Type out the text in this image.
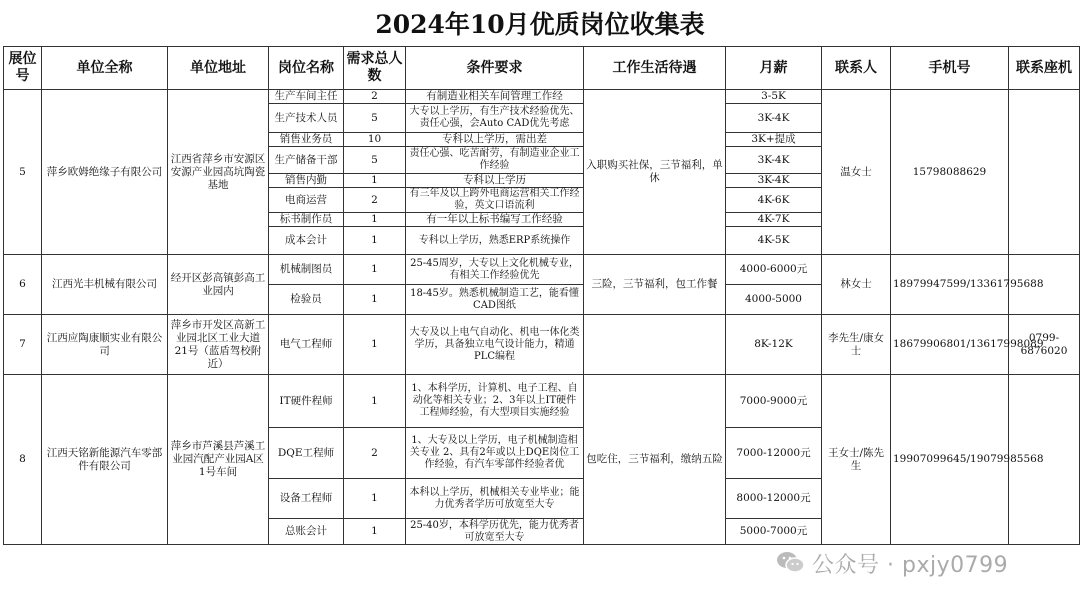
2024年10月优质岗位收集表
展位号	单位全称	单位地址	岗位名称	需求总人数	条件要求	工作生活待遇	月薪	联系人	手机号	联系座机
5	萍乡欧姆绝缘子有限公司	江西省萍乡市安源区安源产业园高坑陶瓷基地	生产车间主任	2	有制造业相关车间管理工作经	入职购买社保，三节福利，单休	3-5K	温女士	15798088629	
			生产技术人员	5	大专以上学历，有生产技术经验优先、责任心强，会Auto CAD优先考虑		3K-4K			
			销售业务员	10	专科以上学历，需出差		3K+提成			
			生产储备干部	5	责任心强、吃苦耐劳，有制造业企业工作经验		3K-4K			
			销售内勤	1	专科以上学历		3K-4K			
			电商运营	2	有三年及以上跨外电商运营相关工作经验，英文口语流利		4K-6K			
			标书制作员	1	有一年以上标书编写工作经验		4K-7K			
			成本会计	1	专科以上学历，熟悉ERP系统操作		4K-5K			
6	江西光丰机械有限公司	经开区彭高镇彭高工业园内	机械制图员	1	25-45周岁，大专以上文化机械专业，有相关工作经验优先	三险，三节福利，包工作餐	4000-6000元	林女士	18979947599/13361795688	
			检验员	1	18-45岁。熟悉机械制造工艺，能看懂CAD图纸		4000-5000			
7	江西应陶康顺实业有限公司	萍乡市开发区高新工业园北区工业大道21号（蓝盾驾校附近）	电气工程师	1	大专及以上电气自动化、机电一体化类学历，具备独立电气设计能力，精通PLC编程		8K-12K	李先生/康女士	18679906801/13617998089	0799-6876020
8	江西天铭新能源汽车零部件有限公司	萍乡市芦溪县芦溪工业园汽配产业园A区1号车间	IT硬件程师	1	1、本科学历，计算机、电子工程、自动化等相关专业；2、3年以上IT硬件工程师经验，有大型项目实施经验	包吃住，三节福利，缴纳五险	7000-9000元	王女士/陈先生	19907099645/19079985568	
			DQE工程师	2	1、大专及以上学历，电子机械制造相关专业 2、具有2年或以上DQE岗位工作经验，有汽车零部件经验者优		7000-12000元			
			设备工程师	1	本科以上学历，机械相关专业毕业；能力优秀者学历可放宽至大专		8000-12000元			
			总账会计	1	25-40岁，本科学历优先，能力优秀者可放宽至大专		5000-7000元			
公众号 · pxjy0799
